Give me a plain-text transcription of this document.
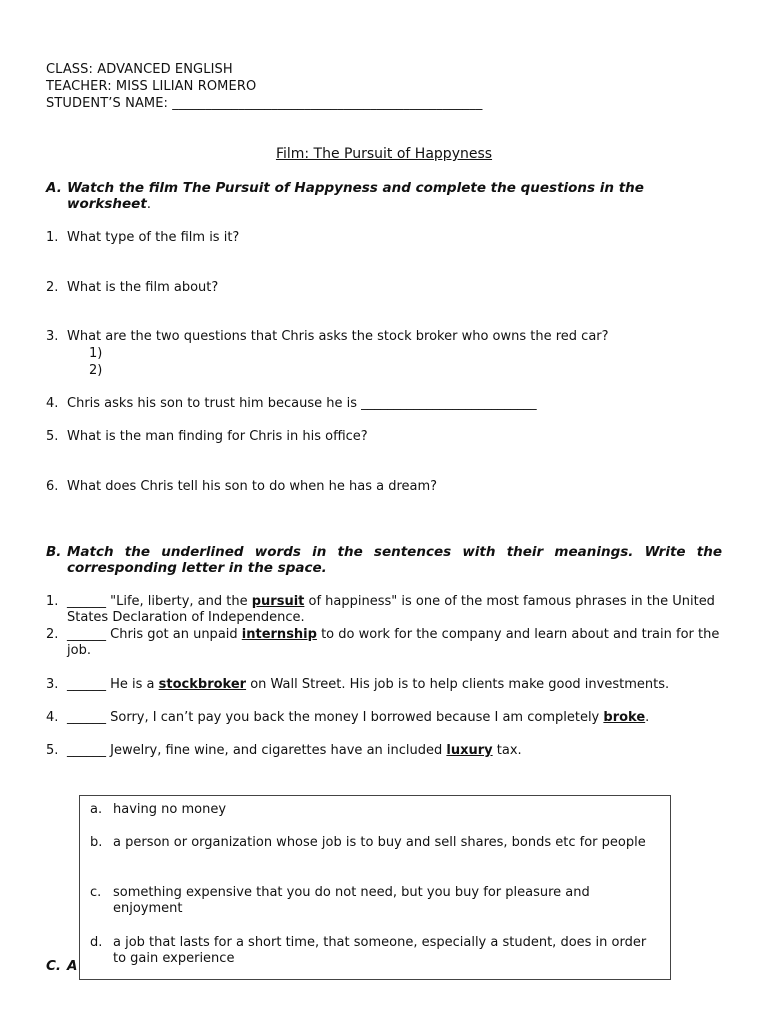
CLASS: ADVANCED ENGLISH
TEACHER: MISS LILIAN ROMERO
STUDENT’S NAME: _______________________________________________
Film: The Pursuit of Happyness
A. Watch the film The Pursuit of Happyness and complete the questions in the worksheet.
1. What type of the film is it?
2. What is the film about?
3. What are the two questions that Chris asks the stock broker who owns the red car?
1)
2)
4. Chris asks his son to trust him because he is ___________________________
5. What is the man finding for Chris in his office?
6. What does Chris tell his son to do when he has a dream?
B. Match the underlined words in the sentences with their meanings. Write the corresponding letter in the space.
1. ______ "Life, liberty, and the pursuit of happiness" is one of the most famous phrases in the United States Declaration of Independence.
2. ______ Chris got an unpaid internship to do work for the company and learn about and train for the job.
3. ______ He is a stockbroker on Wall Street. His job is to help clients make good investments.
4. ______ Sorry, I can’t pay you back the money I borrowed because I am completely broke.
5. ______ Jewelry, fine wine, and cigarettes have an included luxury tax.
C. A
a. having no money
b. a person or organization whose job is to buy and sell shares, bonds etc for people
c. something expensive that you do not need, but you buy for pleasure and enjoyment
d. a job that lasts for a short time, that someone, especially a student, does in order to gain experience
